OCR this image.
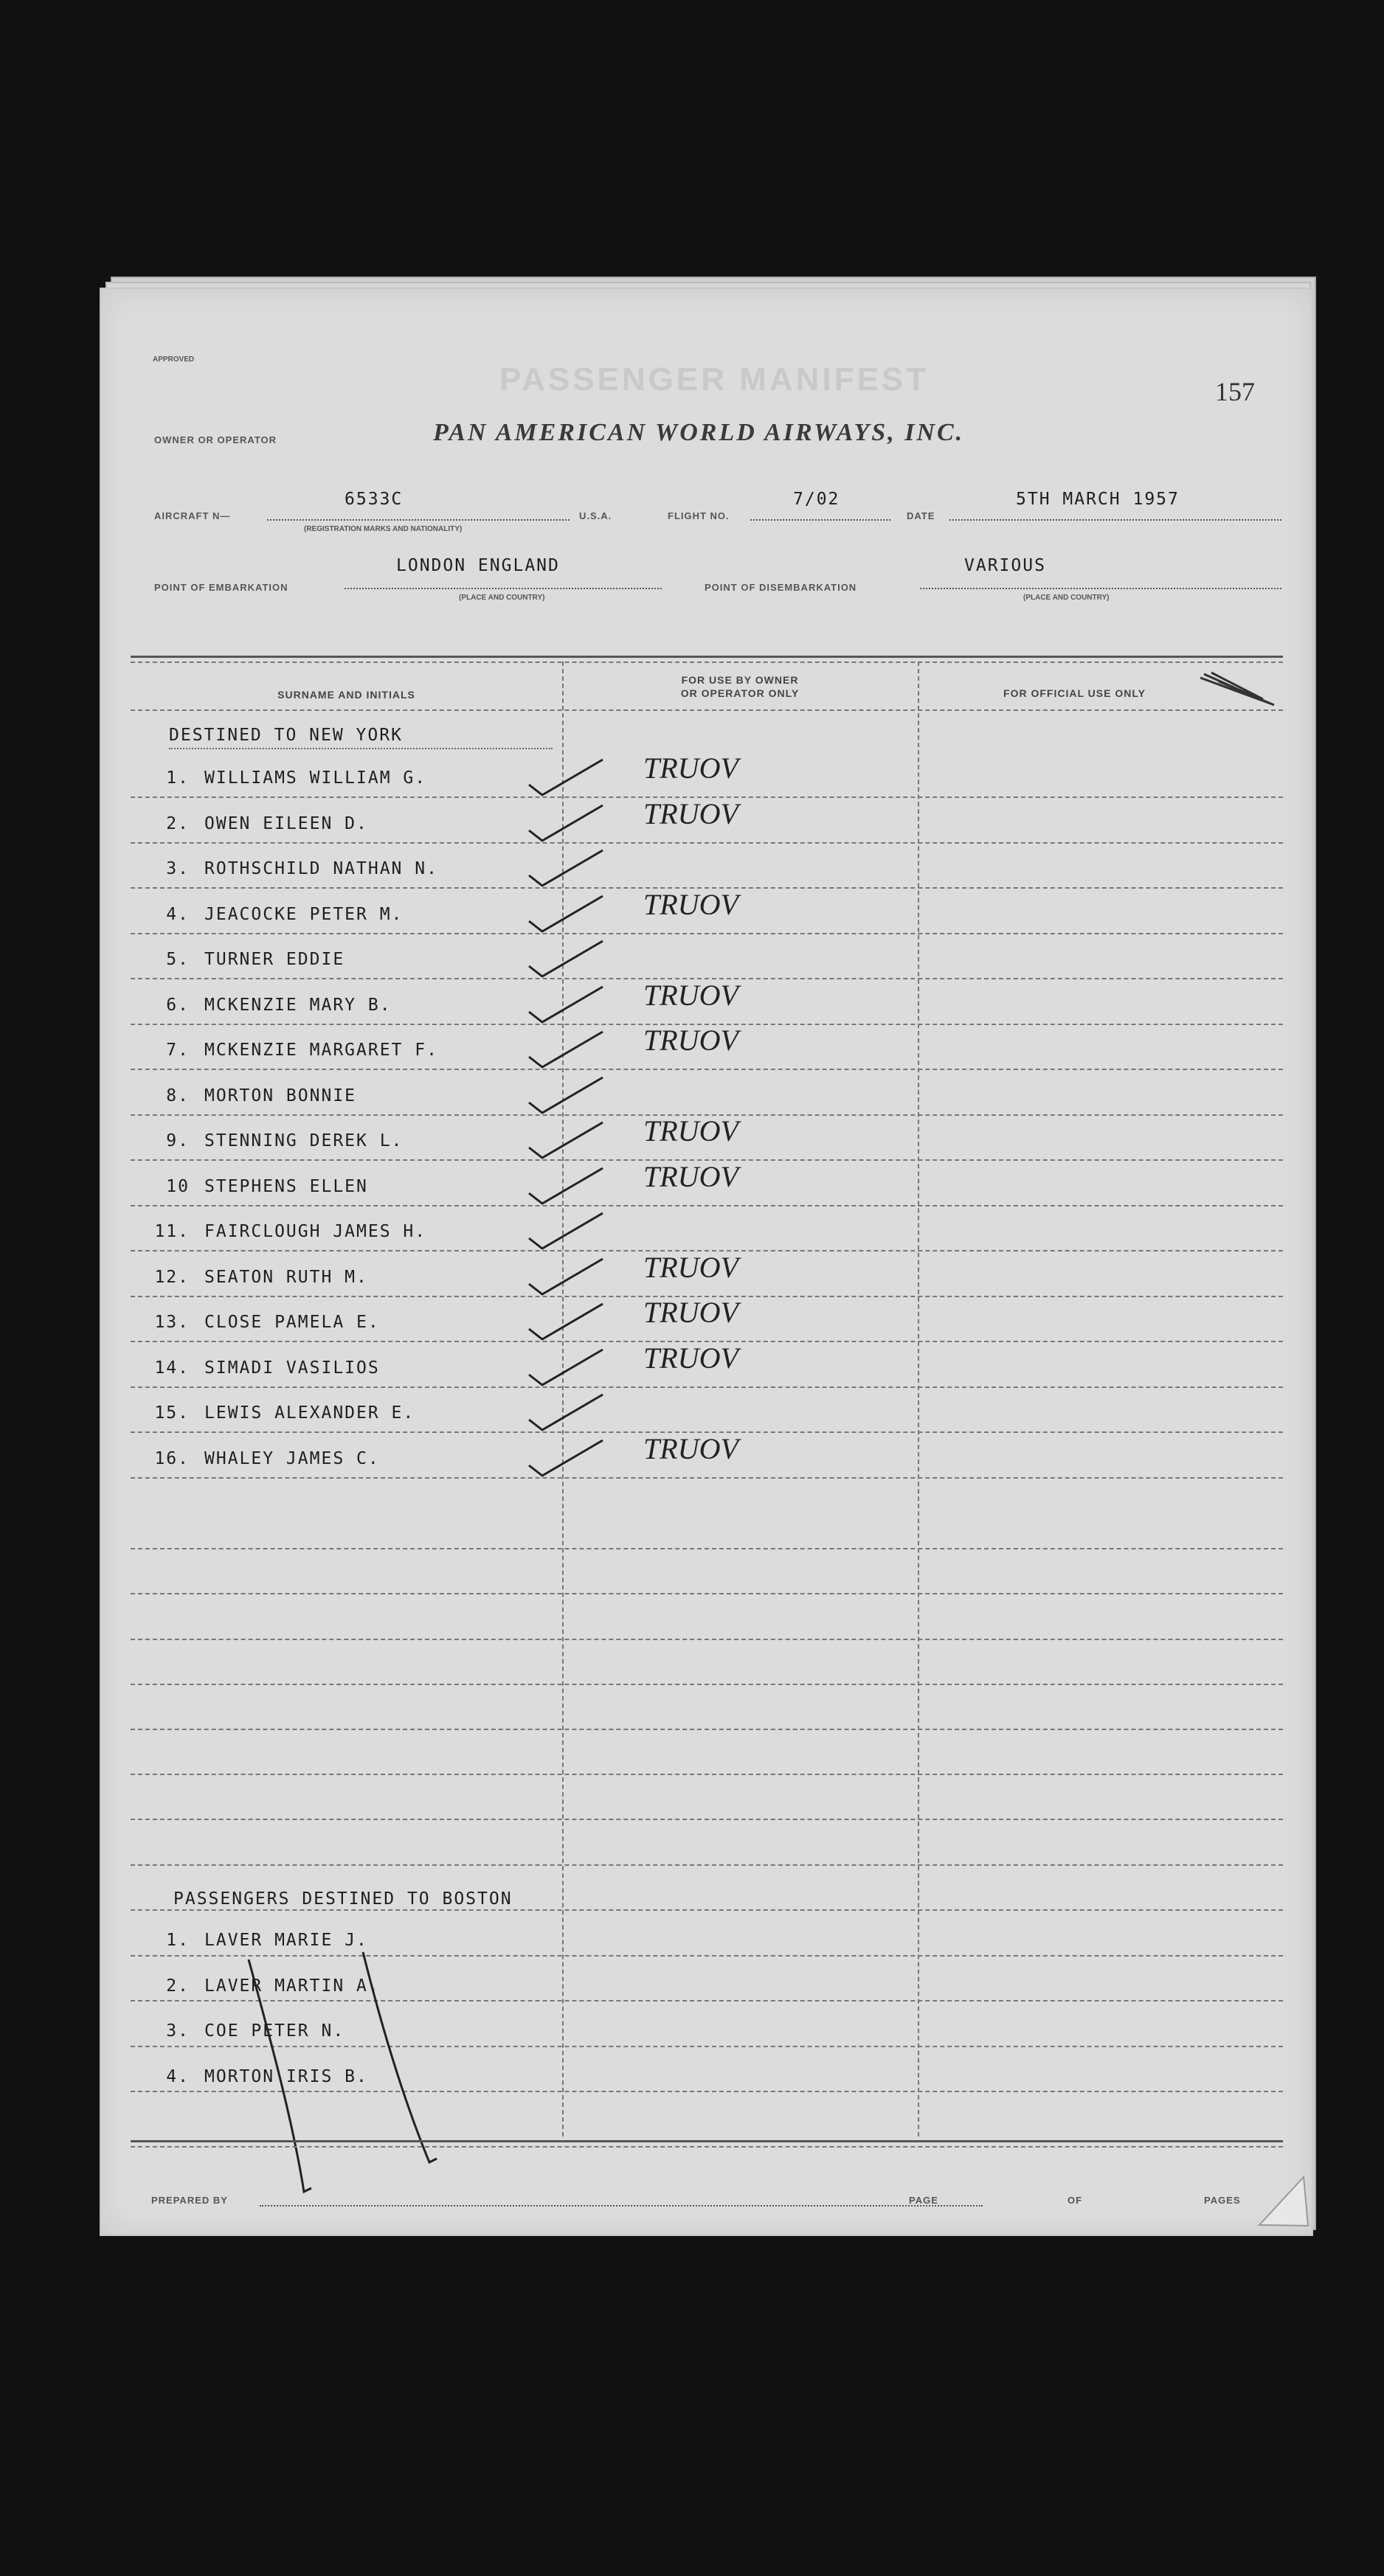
APPROVED
PASSENGER MANIFEST	157
OWNER OR OPERATOR	PAN AMERICAN WORLD AIRWAYS, INC.
AIRCRAFT N—
6533C
(REGISTRATION MARKS AND NATIONALITY)
U.S.A.	FLIGHT NO.
7/02
DATE
5TH MARCH 1957
POINT OF EMBARKATION
LONDON ENGLAND
(PLACE AND COUNTRY)
POINT OF DISEMBARKATION
VARIOUS
(PLACE AND COUNTRY)
SURNAME AND INITIALS
FOR USE BY OWNER
OR OPERATOR ONLY	FOR OFFICIAL USE ONLY
DESTINED TO NEW YORK
1. WILLIAMS WILLIAM G.	TRUOV
2. OWEN EILEEN D.	TRUOV
3. ROTHSCHILD NATHAN N.
4. JEACOCKE PETER M.	TRUOV
5. TURNER EDDIE
6. MCKENZIE MARY B.	TRUOV
7. MCKENZIE MARGARET F.	TRUOV
8. MORTON BONNIE
9. STENNING DEREK L.	TRUOV
10 STEPHENS ELLEN	TRUOV
11. FAIRCLOUGH JAMES H.
12. SEATON RUTH M.	TRUOV
13. CLOSE PAMELA E.	TRUOV
14. SIMADI VASILIOS	TRUOV
15. LEWIS ALEXANDER E.
16. WHALEY JAMES C.	TRUOV
PASSENGERS DESTINED TO BOSTON
1. LAVER MARIE J.
2. LAVER MARTIN A.
3. COE PETER N.
4. MORTON IRIS B.
PREPARED BY	PAGE	OF	PAGES
